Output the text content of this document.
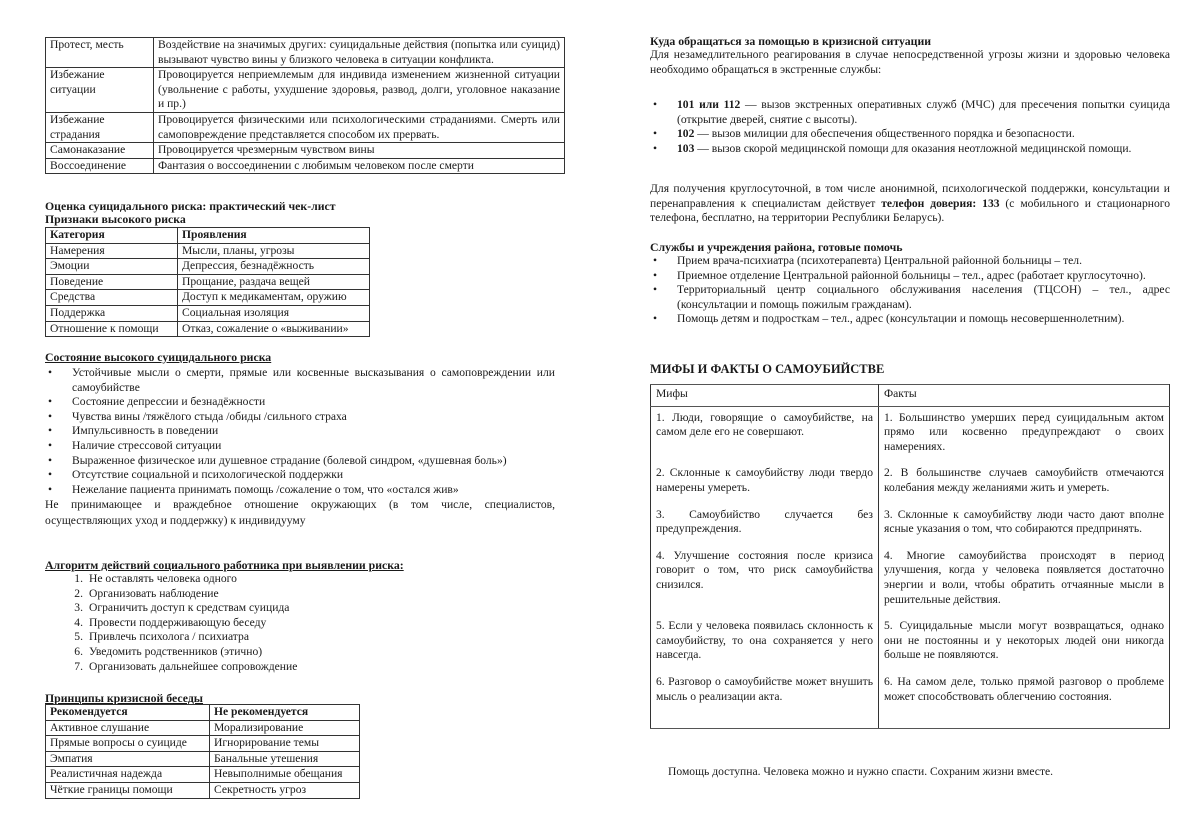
Протест, месть	Воздействие на значимых других: суицидальные действия (попытка или суицид) вызывают чувство вины у близкого человека в ситуации конфликта.
Избежание ситуации	Провоцируется неприемлемым для индивида изменением жизненной ситуации (увольнение с работы, ухудшение здоровья, развод, долги, уголовное наказание и пр.)
Избежание страдания	Провоцируется физическими или психологическими страданиями. Смерть или самоповреждение представляется способом их прервать.
Самонаказание	Провоцируется чрезмерным чувством вины
Воссоединение	Фантазия о воссоединении с любимым человеком после смерти
Оценка суицидального риска: практический чек-лист
Признаки высокого риска
Категория	Проявления
Намерения	Мысли, планы, угрозы
Эмоции	Депрессия, безнадёжность
Поведение	Прощание, раздача вещей
Средства	Доступ к медикаментам, оружию
Поддержка	Социальная изоляция
Отношение к помощи	Отказ, сожаление о «выживании»
Состояние высокого суицидального риска
• Устойчивые мысли о смерти, прямые или косвенные высказывания о самоповреждении или самоубийстве
• Состояние депрессии и безнадёжности
• Чувства вины /тяжёлого стыда /обиды /сильного страха
• Импульсивность в поведении
• Наличие стрессовой ситуации
• Выраженное физическое или душевное страдание (болевой синдром, «душевная боль»)
• Отсутствие социальной и психологической поддержки
• Нежелание пациента принимать помощь /сожаление о том, что «остался жив»

Не принимающее и враждебное отношение окружающих (в том числе, специалистов, осуществляющих уход и поддержку) к индивидууму

Алгоритм действий социального работника при выявлении риска:
1. Не оставлять человека одного
2. Организовать наблюдение
3. Ограничить доступ к средствам суицида
4. Провести поддерживающую беседу
5. Привлечь психолога / психиатра
6. Уведомить родственников (этично)
7. Организовать дальнейшее сопровождение
Принципы кризисной беседы
Рекомендуется	Не рекомендуется
Активное слушание	Морализирование
Прямые вопросы о суициде	Игнорирование темы
Эмпатия	Банальные утешения
Реалистичная надежда	Невыполнимые обещания
Чёткие границы помощи	Секретность угроз
Куда обращаться за помощью в кризисной ситуации
Для незамедлительного реагирования в случае непосредственной угрозы жизни и здоровью человека необходимо обращаться в экстренные службы:
• 101 или 112 — вызов экстренных оперативных служб (МЧС) для пресечения попытки суицида (открытие дверей, снятие с высоты).
• 102 — вызов милиции для обеспечения общественного порядка и безопасности.
• 103 — вызов скорой медицинской помощи для оказания неотложной медицинской помощи.
Для получения круглосуточной, в том числе анонимной, психологической поддержки, консультации и перенаправления к специалистам действует телефон доверия: 133 (с мобильного и стационарного телефона, бесплатно, на территории Республики Беларусь).
Службы и учреждения района, готовые помочь
• Прием врача-психиатра (психотерапевта) Центральной районной больницы – тел.
• Приемное отделение Центральной районной больницы – тел., адрес (работает круглосуточно).
• Территориальный центр социального обслуживания населения (ТЦСОН) – тел., адрес (консультации и помощь пожилым гражданам).
• Помощь детям и подросткам – тел., адрес (консультации и помощь несовершеннолетним).
МИФЫ И ФАКТЫ О САМОУБИЙСТВЕ
Мифы	Факты
1. Люди, говорящие о самоубийстве, на самом деле его не совершают.	1. Большинство умерших перед суицидальным актом прямо или косвенно предупреждают о своих намерениях.
2. Склонные к самоубийству люди твердо намерены умереть.	2. В большинстве случаев самоубийств отмечаются колебания между желаниями жить и умереть.
3. Самоубийство случается без предупреждения.	3. Склонные к самоубийству люди часто дают вполне ясные указания о том, что собираются предпринять.
4. Улучшение состояния после кризиса говорит о том, что риск самоубийства снизился.	4. Многие самоубийства происходят в период улучшения, когда у человека появляется достаточно энергии и воли, чтобы обратить отчаянные мысли в решительные действия.
5. Если у человека появилась склонность к самоубийству, то она сохраняется у него навсегда.	5. Суицидальные мысли могут возвращаться, однако они не постоянны и у некоторых людей они никогда больше не появляются.
6. Разговор о самоубийстве может внушить мысль о реализации акта.	6. На самом деле, только прямой разговор о проблеме может способствовать облегчению состояния.
Помощь доступна. Человека можно и нужно спасти. Сохраним жизни вместе.
